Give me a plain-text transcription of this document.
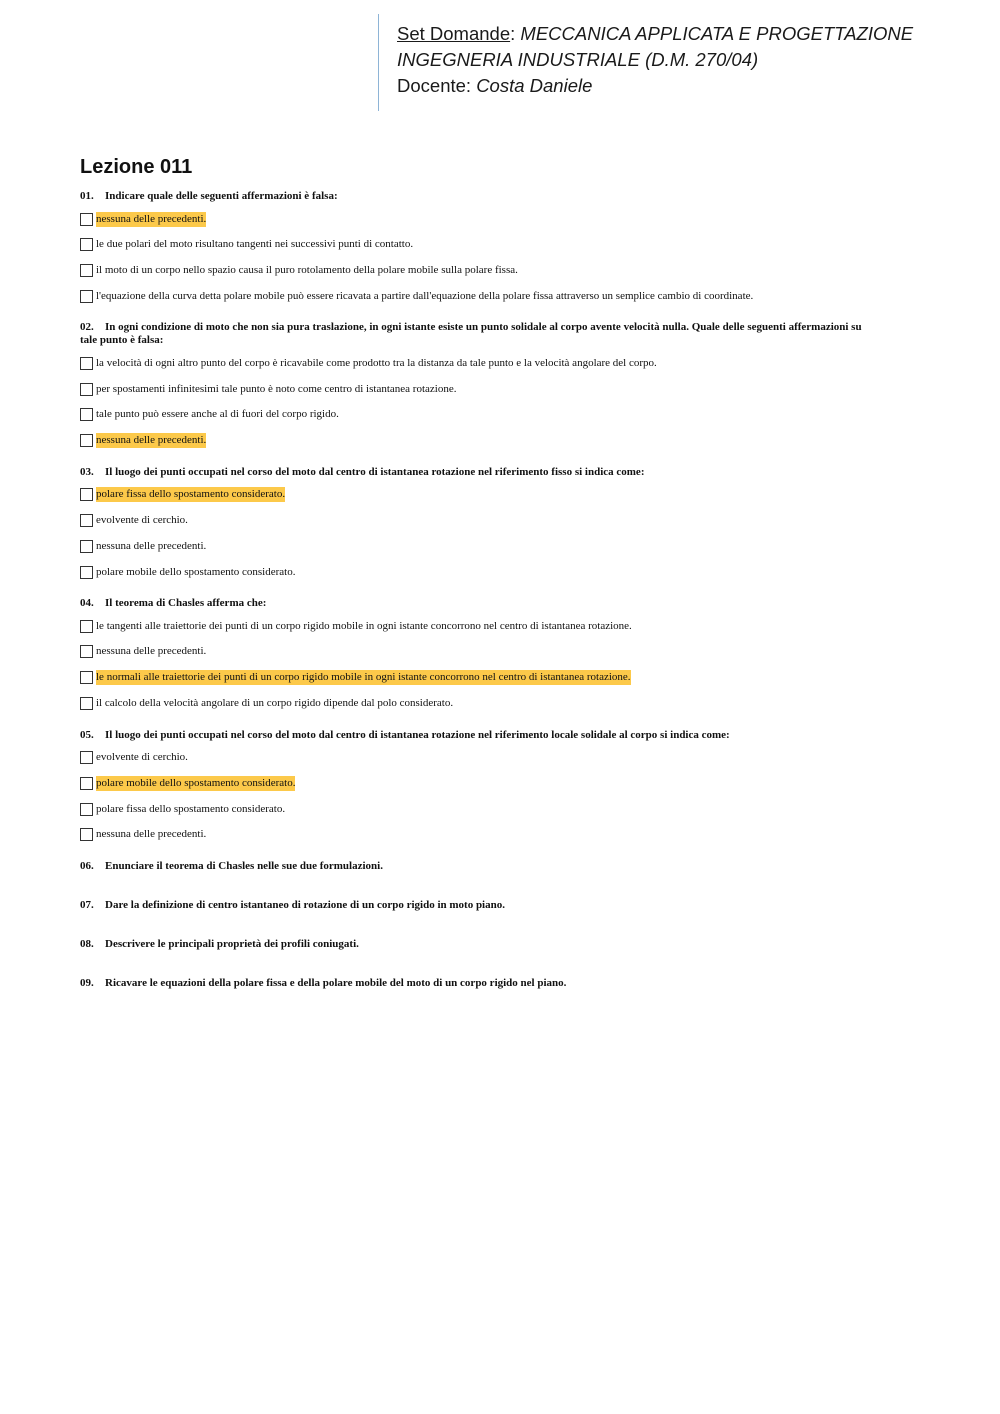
Set Domande: MECCANICA APPLICATA E PROGETTAZIONE
INGEGNERIA INDUSTRIALE (D.M. 270/04)
Docente: Costa Daniele
Lezione 011

01. Indicare quale delle seguenti affermazioni è falsa:

nessuna delle precedenti.
le due polari del moto risultano tangenti nei successivi punti di contatto.
il moto di un corpo nello spazio causa il puro rotolamento della polare mobile sulla polare fissa.
l'equazione della curva detta polare mobile può essere ricavata a partire dall'equazione della polare fissa attraverso un semplice cambio di coordinate.

02. In ogni condizione di moto che non sia pura traslazione, in ogni istante esiste un punto solidale al corpo avente velocità nulla. Quale delle seguenti affermazioni su tale punto è falsa:

la velocità di ogni altro punto del corpo è ricavabile come prodotto tra la distanza da tale punto e la velocità angolare del corpo.
per spostamenti infinitesimi tale punto è noto come centro di istantanea rotazione.
tale punto può essere anche al di fuori del corpo rigido.
nessuna delle precedenti.

03. Il luogo dei punti occupati nel corso del moto dal centro di istantanea rotazione nel riferimento fisso si indica come:

polare fissa dello spostamento considerato.
evolvente di cerchio.
nessuna delle precedenti.
polare mobile dello spostamento considerato.

04. Il teorema di Chasles afferma che:

le tangenti alle traiettorie dei punti di un corpo rigido mobile in ogni istante concorrono nel centro di istantanea rotazione.
nessuna delle precedenti.
le normali alle traiettorie dei punti di un corpo rigido mobile in ogni istante concorrono nel centro di istantanea rotazione.
il calcolo della velocità angolare di un corpo rigido dipende dal polo considerato.

05. Il luogo dei punti occupati nel corso del moto dal centro di istantanea rotazione nel riferimento locale solidale al corpo si indica come:

evolvente di cerchio.
polare mobile dello spostamento considerato.
polare fissa dello spostamento considerato.
nessuna delle precedenti.

06. Enunciare il teorema di Chasles nelle sue due formulazioni.

07. Dare la definizione di centro istantaneo di rotazione di un corpo rigido in moto piano.

08. Descrivere le principali proprietà dei profili coniugati.

09. Ricavare le equazioni della polare fissa e della polare mobile del moto di un corpo rigido nel piano.
